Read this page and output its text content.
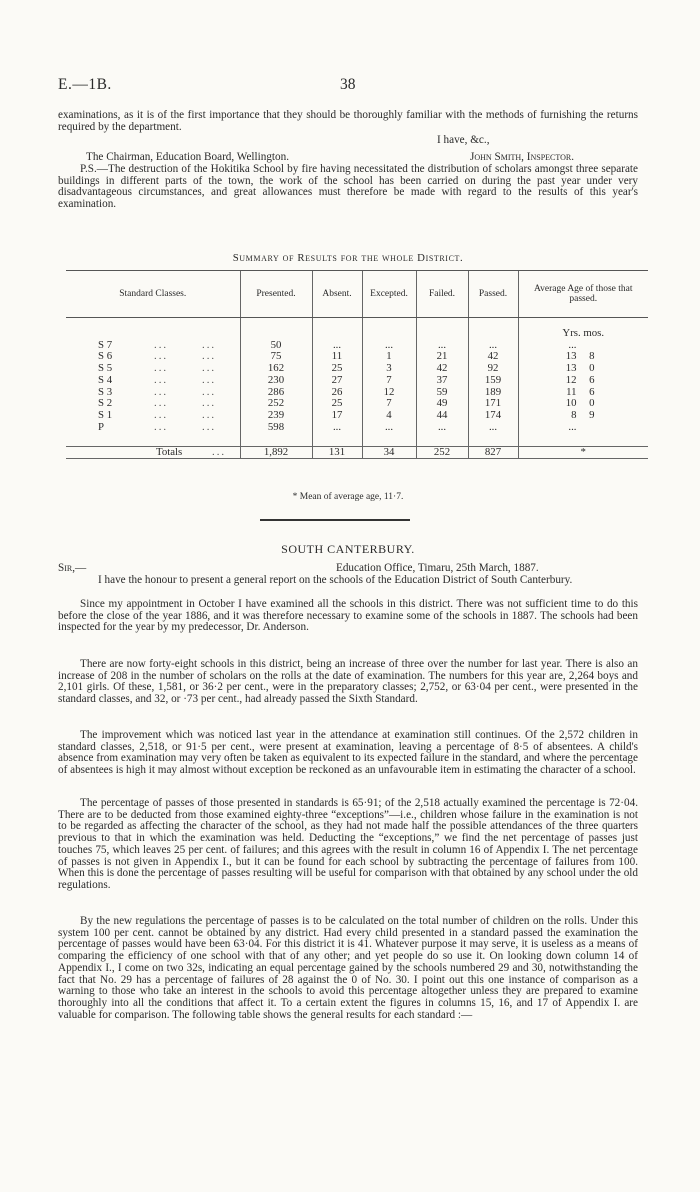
E.—1B.	38
examinations, as it is of the first importance that they should be thoroughly familiar with the methods of furnishing the returns required by the department.
I have, &c.,
The Chairman, Education Board, Wellington.	John Smith, Inspector.
P.S.—The destruction of the Hokitika School by fire having necessitated the distribution of scholars amongst three separate buildings in different parts of the town, the work of the school has been carried on during the past year under very disadvantageous circumstances, and great allowances must therefore be made with regard to the results of this year's examination.
Summary of Results for the whole District.
Standard Classes.	Presented.	Absent.	Excepted.	Failed.	Passed.	Average Age of those that passed.
						Yrs. mos.
S 7 ... ...	50	...	...	...	...	...
S 6 ... ...	75	11	1	21	42	13 8
S 5 ... ...	162	25	3	42	92	13 0
S 4 ... ...	230	27	7	37	159	12 6
S 3 ... ...	286	26	12	59	189	11 6
S 2 ... ...	252	25	7	49	171	10 0
S 1 ... ...	239	17	4	44	174	8 9
P ... ...	598	...	...	...	...	...

Totals ...	1,892	131	34	252	827	*
* Mean of average age, 11·7.
SOUTH CANTERBURY.
Sir,—	Education Office, Timaru, 25th March, 1887.
I have the honour to present a general report on the schools of the Education District of South Canterbury.
Since my appointment in October I have examined all the schools in this district. There was not sufficient time to do this before the close of the year 1886, and it was therefore necessary to examine some of the schools in 1887. The schools had been inspected for the year by my predecessor, Dr. Anderson.
There are now forty-eight schools in this district, being an increase of three over the number for last year. There is also an increase of 208 in the number of scholars on the rolls at the date of examination. The numbers for this year are, 2,264 boys and 2,101 girls. Of these, 1,581, or 36·2 per cent., were in the preparatory classes; 2,752, or 63·04 per cent., were presented in the standard classes, and 32, or ·73 per cent., had already passed the Sixth Standard.
The improvement which was noticed last year in the attendance at examination still continues. Of the 2,572 children in standard classes, 2,518, or 91·5 per cent., were present at examination, leaving a percentage of 8·5 of absentees. A child's absence from examination may very often be taken as equivalent to its expected failure in the standard, and where the percentage of absentees is high it may almost without exception be reckoned as an unfavourable item in estimating the character of a school.
The percentage of passes of those presented in standards is 65·91; of the 2,518 actually examined the percentage is 72·04. There are to be deducted from those examined eighty-three “exceptions”—i.e., children whose failure in the examination is not to be regarded as affecting the character of the school, as they had not made half the possible attendances of the three quarters previous to that in which the examination was held. Deducting the “exceptions,” we find the net percentage of passes just touches 75, which leaves 25 per cent. of failures; and this agrees with the result in column 16 of Appendix I. The net percentage of passes is not given in Appendix I., but it can be found for each school by subtracting the percentage of failures from 100. When this is done the percentage of passes resulting will be useful for comparison with that obtained by any school under the old regulations.
By the new regulations the percentage of passes is to be calculated on the total number of children on the rolls. Under this system 100 per cent. cannot be obtained by any district. Had every child presented in a standard passed the examination the percentage of passes would have been 63·04. For this district it is 41. Whatever purpose it may serve, it is useless as a means of comparing the efficiency of one school with that of any other; and yet people do so use it. On looking down column 14 of Appendix I., I come on two 32s, indicating an equal percentage gained by the schools numbered 29 and 30, notwithstanding the fact that No. 29 has a percentage of failures of 28 against the 0 of No. 30. I point out this one instance of comparison as a warning to those who take an interest in the schools to avoid this percentage altogether unless they are prepared to examine thoroughly into all the conditions that affect it. To a certain extent the figures in columns 15, 16, and 17 of Appendix I. are valuable for comparison. The following table shows the general results for each standard :—
